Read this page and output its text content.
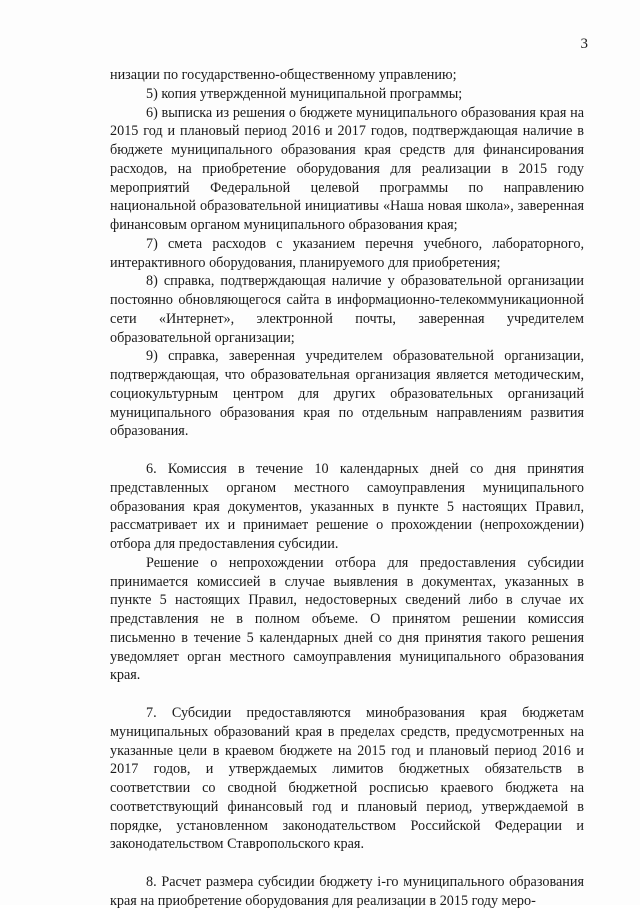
3

низации по государственно-общественному управлению;

5) копия утвержденной муниципальной программы;

6) выписка из решения о бюджете муниципального образования края на 2015 год и плановый период 2016 и 2017 годов, подтверждающая наличие в бюджете муниципального образования края средств для финансирования расходов, на приобретение оборудования для реализации в 2015 году мероприятий Федеральной целевой программы по направлению национальной образовательной инициативы «Наша новая школа», заверенная финансовым органом муниципального образования края;

7) смета расходов с указанием перечня учебного, лабораторного, интерактивного оборудования, планируемого для приобретения;

8) справка, подтверждающая наличие у образовательной организации постоянно обновляющегося сайта в информационно-телекоммуникационной сети «Интернет», электронной почты, заверенная учредителем образовательной организации;

9) справка, заверенная учредителем образовательной организации, подтверждающая, что образовательная организация является методическим, социокультурным центром для других образовательных организаций муниципального образования края по отдельным направлениям развития образования.

6. Комиссия в течение 10 календарных дней со дня принятия представленных органом местного самоуправления муниципального образования края документов, указанных в пункте 5 настоящих Правил, рассматривает их и принимает решение о прохождении (непрохождении) отбора для предоставления субсидии.

Решение о непрохождении отбора для предоставления субсидии принимается комиссией в случае выявления в документах, указанных в пункте 5 настоящих Правил, недостоверных сведений либо в случае их представления не в полном объеме. О принятом решении комиссия письменно в течение 5 календарных дней со дня принятия такого решения уведомляет орган местного самоуправления муниципального образования края.

7. Субсидии предоставляются минобразования края бюджетам муниципальных образований края в пределах средств, предусмотренных на указанные цели в краевом бюджете на 2015 год и плановый период 2016 и 2017 годов, и утверждаемых лимитов бюджетных обязательств в соответствии со сводной бюджетной росписью краевого бюджета на соответствующий финансовый год и плановый период, утверждаемой в порядке, установленном законодательством Российской Федерации и законодательством Ставропольского края.

8. Расчет размера субсидии бюджету i-го муниципального образования края на приобретение оборудования для реализации в 2015 году меро-
